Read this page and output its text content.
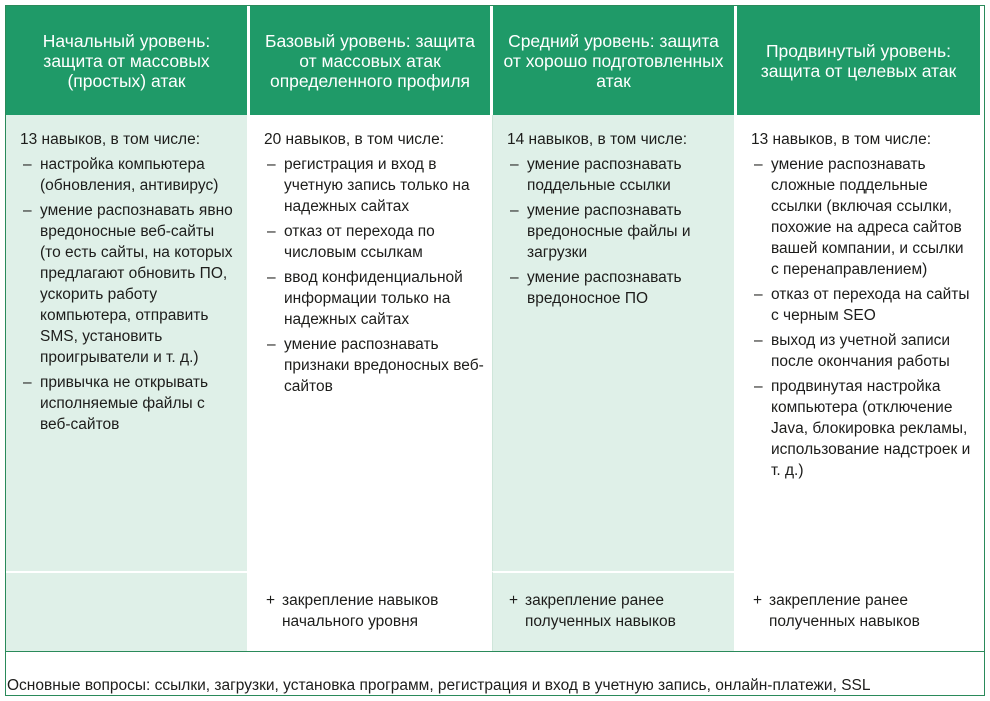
Начальный уровень: защита от массовых (простых) атак
Базовый уровень: защита от массовых атак определенного профиля
Средний уровень: защита от хорошо подготовленных атак
Продвинутый уровень: защита от целевых атак
13 навыков, в том числе:
– настройка компьютера (обновления, антивирус)
– умение распознавать явно вредоносные веб-сайты (то есть сайты, на которых предлагают обновить ПО, ускорить работу компьютера, отправить SMS, установить проигрыватели и т. д.)
– привычка не открывать исполняемые файлы с веб-сайтов
20 навыков, в том числе:
– регистрация и вход в учетную запись только на надежных сайтах
– отказ от перехода по числовым ссылкам
– ввод конфиденциальной информации только на надежных сайтах
– умение распознавать признаки вредоносных веб-сайтов
14 навыков, в том числе:
– умение распознавать поддельные ссылки
– умение распознавать вредоносные файлы и загрузки
– умение распознавать вредоносное ПО
13 навыков, в том числе:
– умение распознавать сложные поддельные ссылки (включая ссылки, похожие на адреса сайтов вашей компании, и ссылки с перенаправлением)
– отказ от перехода на сайты с черным SEO
– выход из учетной записи после окончания работы
– продвинутая настройка компьютера (отключение Java, блокировка рекламы, использование надстроек и т. д.)
+ закрепление навыков начального уровня
+ закрепление ранее полученных навыков
+ закрепление ранее полученных навыков
Основные вопросы: ссылки, загрузки, установка программ, регистрация и вход в учетную запись, онлайн-платежи, SSL
